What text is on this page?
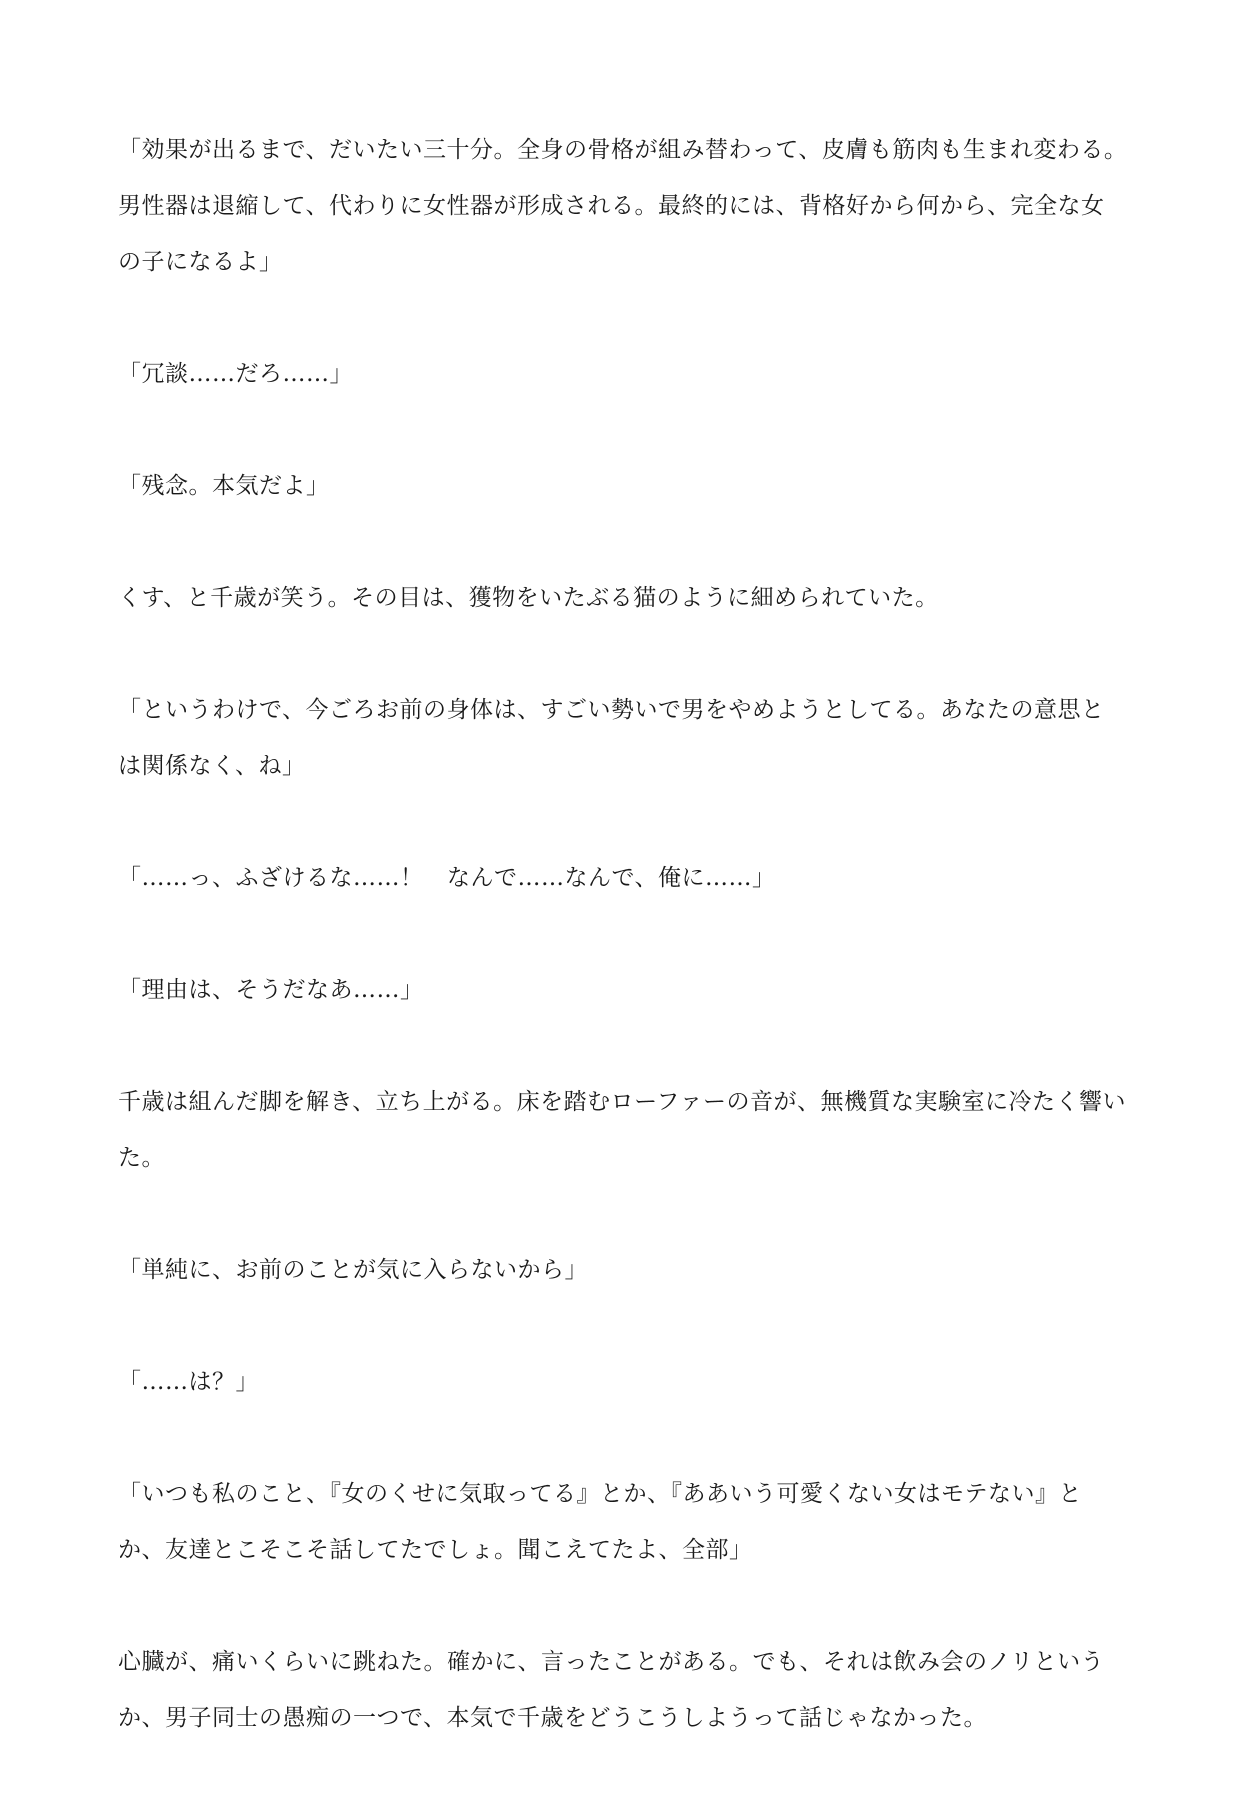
「効果が出るまで、だいたい三十分。全身の骨格が組み替わって、皮膚も筋肉も生まれ変わる。男性器は退縮して、代わりに女性器が形成される。最終的には、背格好から何から、完全な女の子になるよ」

「冗談……だろ……」

「残念。本気だよ」

くす、と千歳が笑う。その目は、獲物をいたぶる猫のように細められていた。

「というわけで、今ごろお前の身体は、すごい勢いで男をやめようとしてる。あなたの意思とは関係なく、ね」

「……っ、ふざけるな……！　なんで……なんで、俺に……」

「理由は、そうだなあ……」

千歳は組んだ脚を解き、立ち上がる。床を踏むローファーの音が、無機質な実験室に冷たく響いた。

「単純に、お前のことが気に入らないから」

「……は？」

「いつも私のこと、『女のくせに気取ってる』とか、『ああいう可愛くない女はモテない』とか、友達とこそこそ話してたでしょ。聞こえてたよ、全部」

心臓が、痛いくらいに跳ねた。確かに、言ったことがある。でも、それは飲み会のノリというか、男子同士の愚痴の一つで、本気で千歳をどうこうしようって話じゃなかった。
